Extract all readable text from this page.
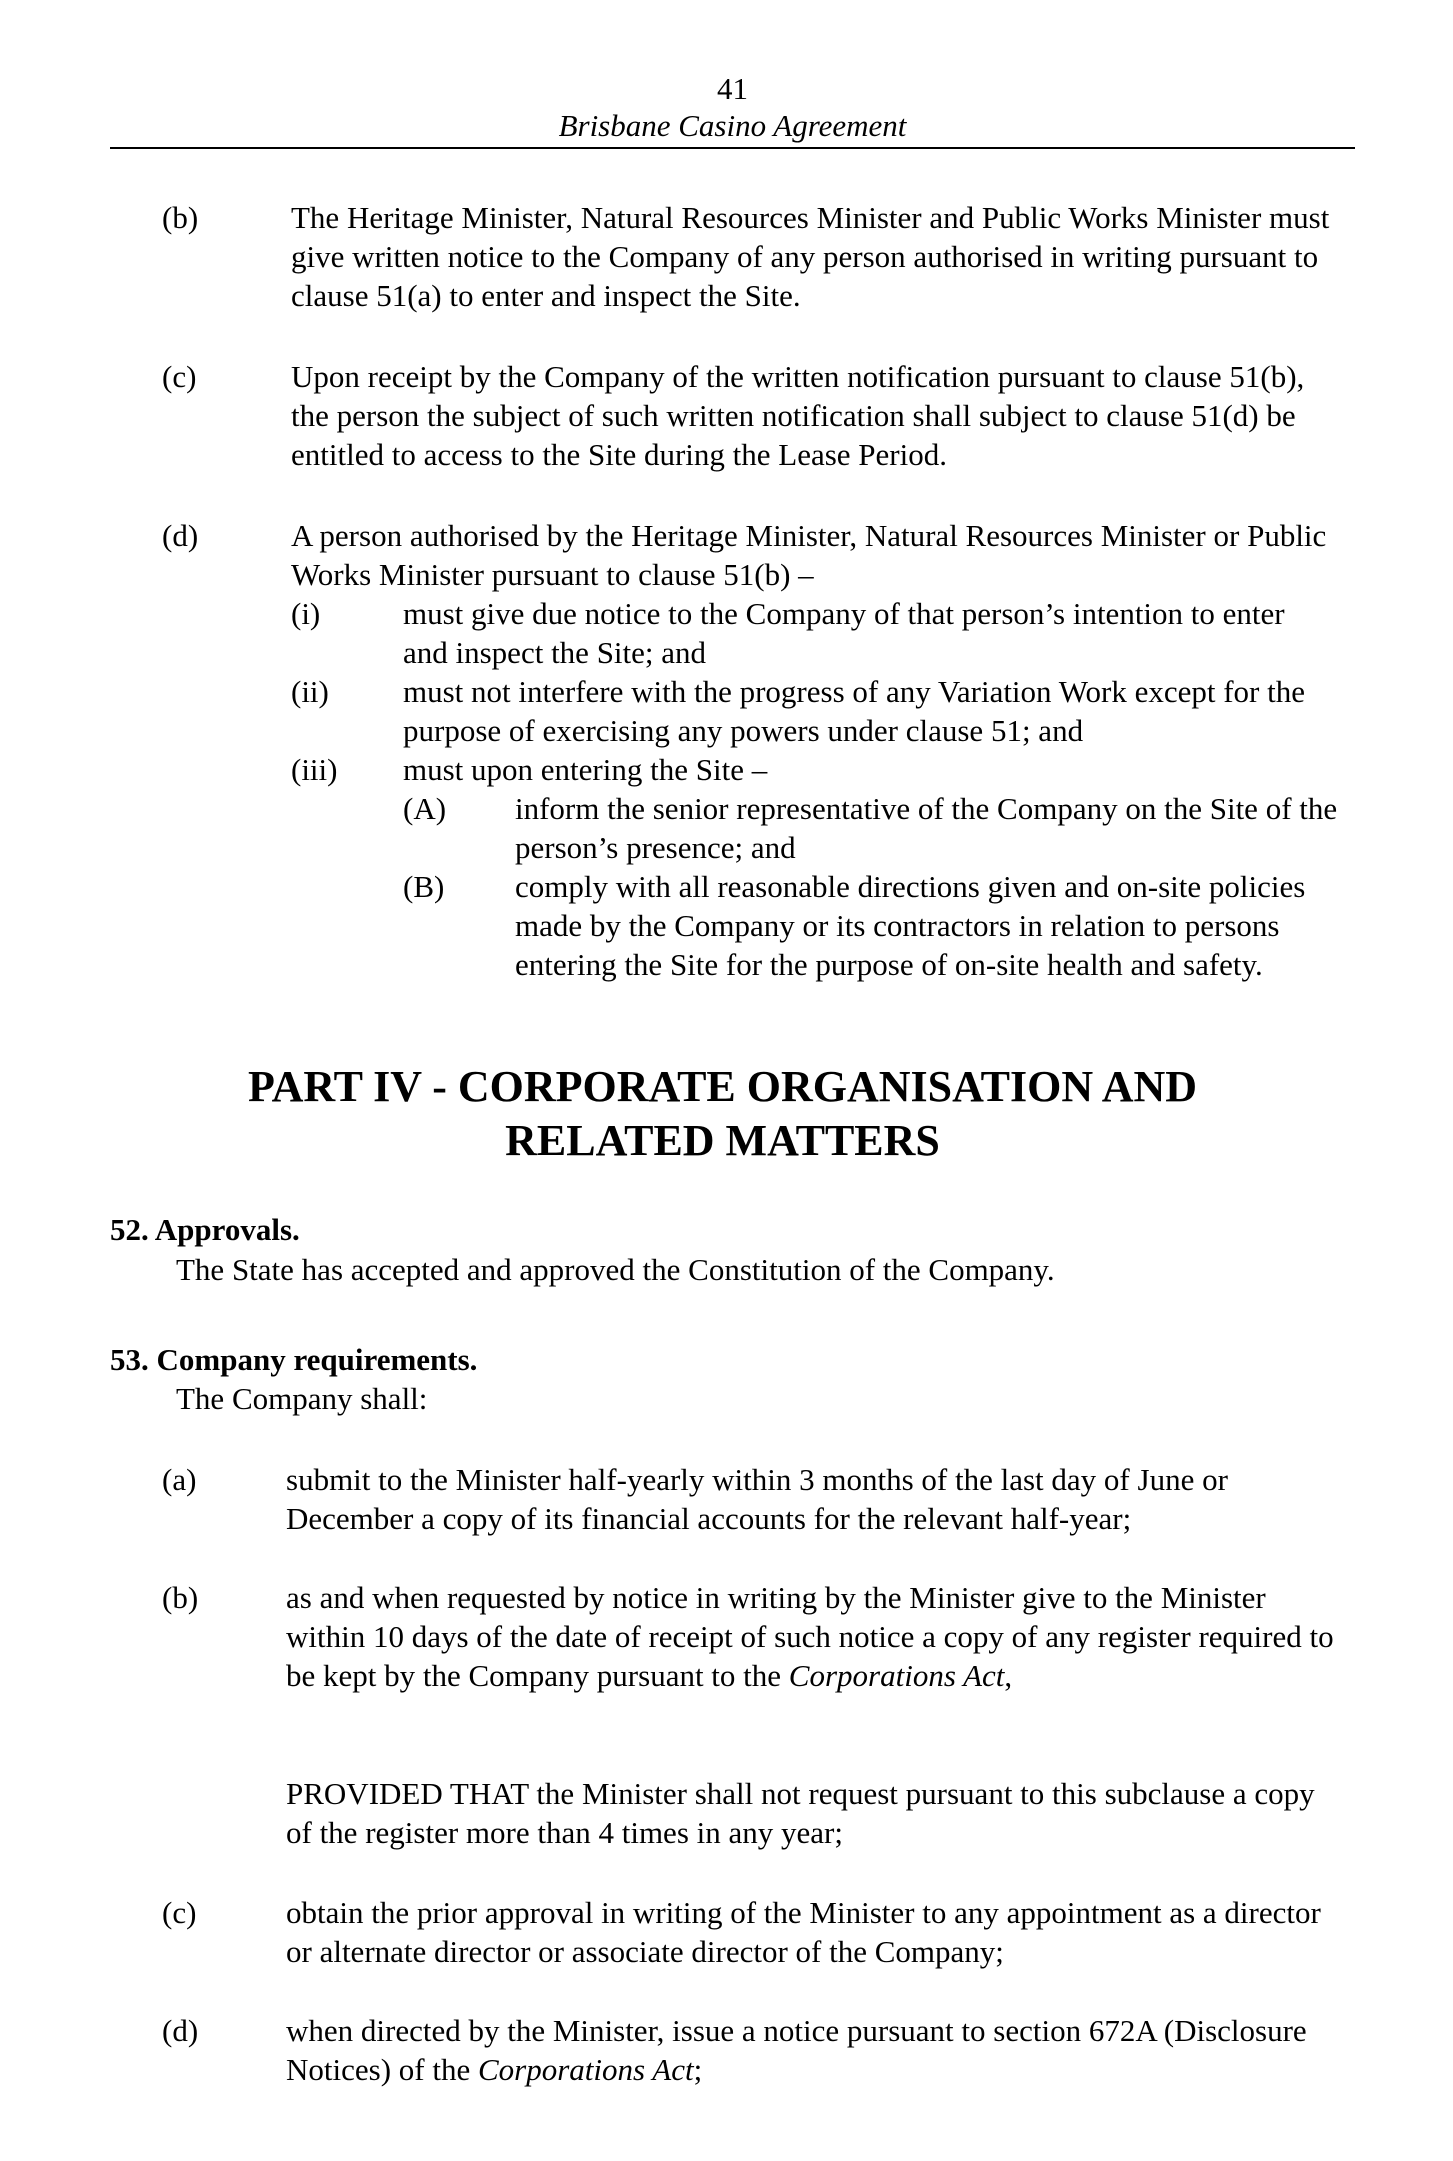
41
Brisbane Casino Agreement
(b)	The Heritage Minister, Natural Resources Minister and Public Works Minister must give written notice to the Company of any person authorised in writing pursuant to clause 51(a) to enter and inspect the Site.
(c)	Upon receipt by the Company of the written notification pursuant to clause 51(b), the person the subject of such written notification shall subject to clause 51(d) be entitled to access to the Site during the Lease Period.
(d)	A person authorised by the Heritage Minister, Natural Resources Minister or Public Works Minister pursuant to clause 51(b) –
(i)	must give due notice to the Company of that person’s intention to enter and inspect the Site; and
(ii) must not interfere with the progress of any Variation Work except for the purpose of exercising any powers under clause 51; and
(iii) must upon entering the Site –
(A) inform the senior representative of the Company on the Site of the person’s presence; and
(B) comply with all reasonable directions given and on-site policies made by the Company or its contractors in relation to persons entering the Site for the purpose of on-site health and safety.
PART IV - CORPORATE ORGANISATION AND RELATED MATTERS
52. Approvals.
The State has accepted and approved the Constitution of the Company.
53. Company requirements.
The Company shall:
(a)	submit to the Minister half-yearly within 3 months of the last day of June or December a copy of its financial accounts for the relevant half-year;
(b)	as and when requested by notice in writing by the Minister give to the Minister within 10 days of the date of receipt of such notice a copy of any register required to be kept by the Company pursuant to the Corporations Act,
PROVIDED THAT the Minister shall not request pursuant to this subclause a copy of the register more than 4 times in any year;
(c)	obtain the prior approval in writing of the Minister to any appointment as a director or alternate director or associate director of the Company;
(d)	when directed by the Minister, issue a notice pursuant to section 672A (Disclosure Notices) of the Corporations Act;
